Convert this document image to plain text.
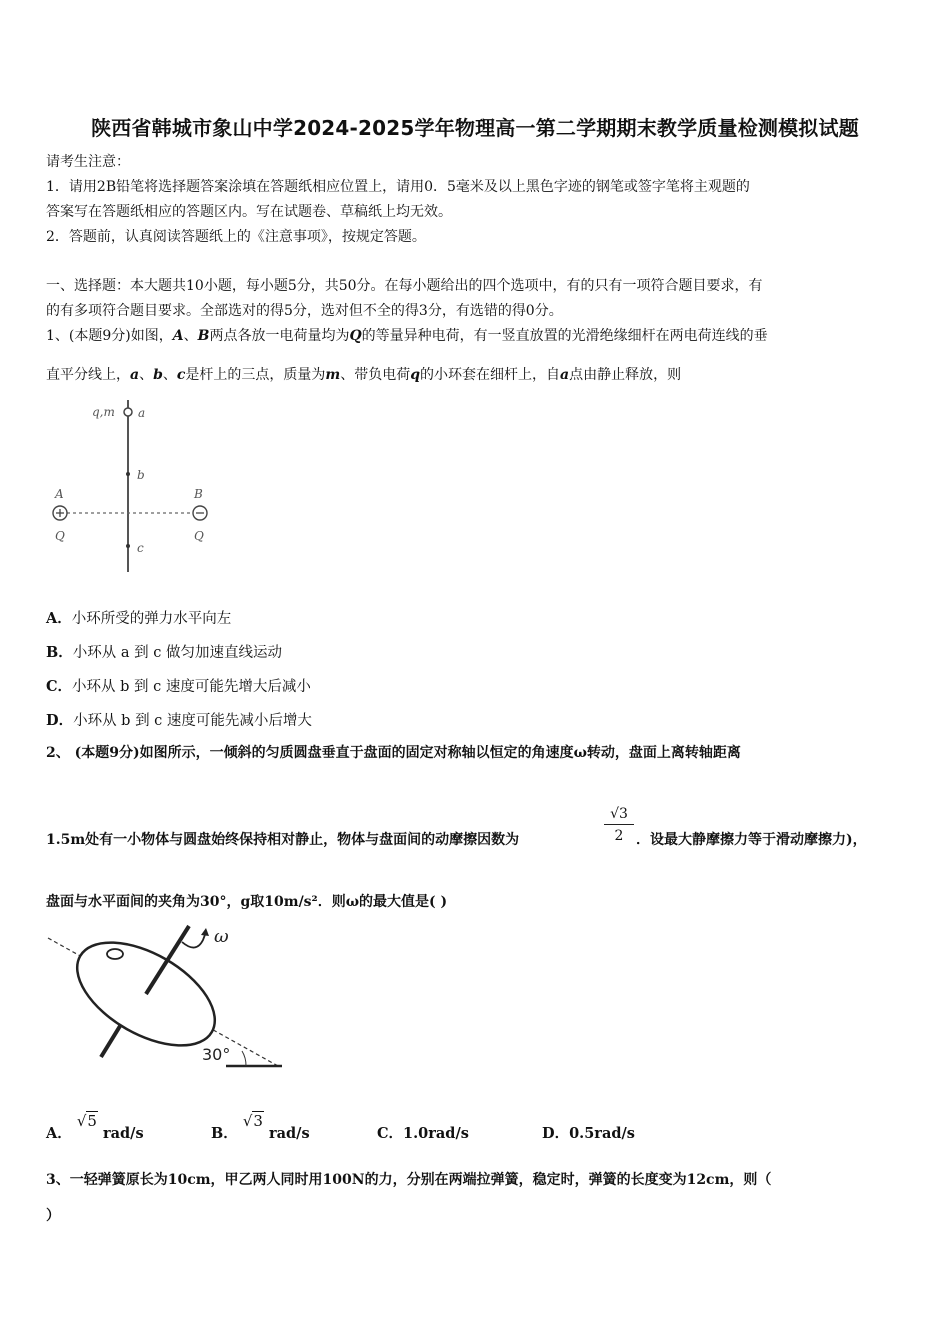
陕西省韩城市象山中学2024-2025学年物理高一第二学期期末教学质量检测模拟试题
请考生注意：
1．请用2B铅笔将选择题答案涂填在答题纸相应位置上，请用0．5毫米及以上黑色字迹的钢笔或签字笔将主观题的
答案写在答题纸相应的答题区内。写在试题卷、草稿纸上均无效。
2．答题前，认真阅读答题纸上的《注意事项》，按规定答题。
一、选择题：本大题共10小题，每小题5分，共50分。在每小题给出的四个选项中，有的只有一项符合题目要求，有
的有多项符合题目要求。全部选对的得5分，选对但不全的得3分，有选错的得0分。
1、(本题9分)如图，A、B两点各放一电荷量均为Q的等量异种电荷，有一竖直放置的光滑绝缘细杆在两电荷连线的垂
直平分线上，a、b、c是杆上的三点，质量为m、带负电荷q的小环套在细杆上，自a点由静止释放，则
q,m a
b
c
A	B
Q	Q
A．小环所受的弹力水平向左
B．小环从 a 到 c 做匀加速直线运动
C．小环从 b 到 c 速度可能先增大后减小
D．小环从 b 到 c 速度可能先减小后增大
2、 (本题9分)如图所示，一倾斜的匀质圆盘垂直于盘面的固定对称轴以恒定的角速度ω转动，盘面上离转轴距离
1.5m处有一小物体与圆盘始终保持相对静止，物体与盘面间的动摩擦因数为	$\frac{√3}{2}$ ．设最大静摩擦力等于滑动摩擦力)，
盘面与水平面间的夹角为30°，g取10m/s²．则ω的最大值是( )
ω
30°
A． √5 rad/s	B． √3 rad/s	C．1.0rad/s	D．0.5rad/s
3、一轻弹簧原长为10cm，甲乙两人同时用100N的力，分别在两端拉弹簧，稳定时，弹簧的长度变为12cm，则（
）
